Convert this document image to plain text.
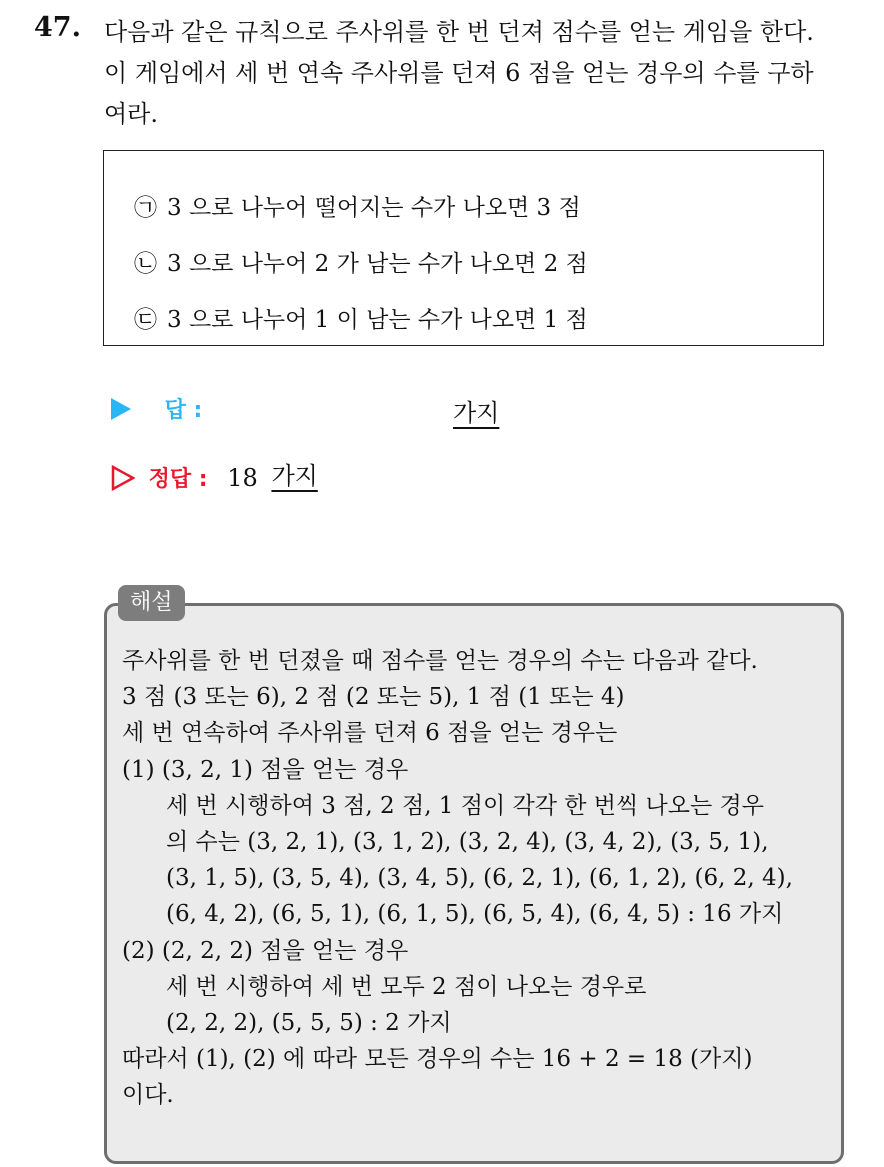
47. 다음과 같은 규칙으로 주사위를 한 번 던져 점수를 얻는 게임을 한다.
이 게임에서 세 번 연속 주사위를 던져 6 점을 얻는 경우의 수를 구하
여라.
㉠ 3 으로 나누어 떨어지는 수가 나오면 3 점
㉡ 3 으로 나누어 2 가 남는 수가 나오면 2 점
㉢ 3 으로 나누어 1 이 남는 수가 나오면 1 점
답 :	가지
정답 : 18 가지
해설
주사위를 한 번 던졌을 때 점수를 얻는 경우의 수는 다음과 같다.
3 점 (3 또는 6), 2 점 (2 또는 5), 1 점 (1 또는 4)
세 번 연속하여 주사위를 던져 6 점을 얻는 경우는
(1) (3, 2, 1) 점을 얻는 경우
세 번 시행하여 3 점, 2 점, 1 점이 각각 한 번씩 나오는 경우
의 수는 (3, 2, 1), (3, 1, 2), (3, 2, 4), (3, 4, 2), (3, 5, 1),
(3, 1, 5), (3, 5, 4), (3, 4, 5), (6, 2, 1), (6, 1, 2), (6, 2, 4),
(6, 4, 2), (6, 5, 1), (6, 1, 5), (6, 5, 4), (6, 4, 5) : 16 가지
(2) (2, 2, 2) 점을 얻는 경우
세 번 시행하여 세 번 모두 2 점이 나오는 경우로
(2, 2, 2), (5, 5, 5) : 2 가지
따라서 (1), (2) 에 따라 모든 경우의 수는 16 + 2 = 18 (가지)
이다.
